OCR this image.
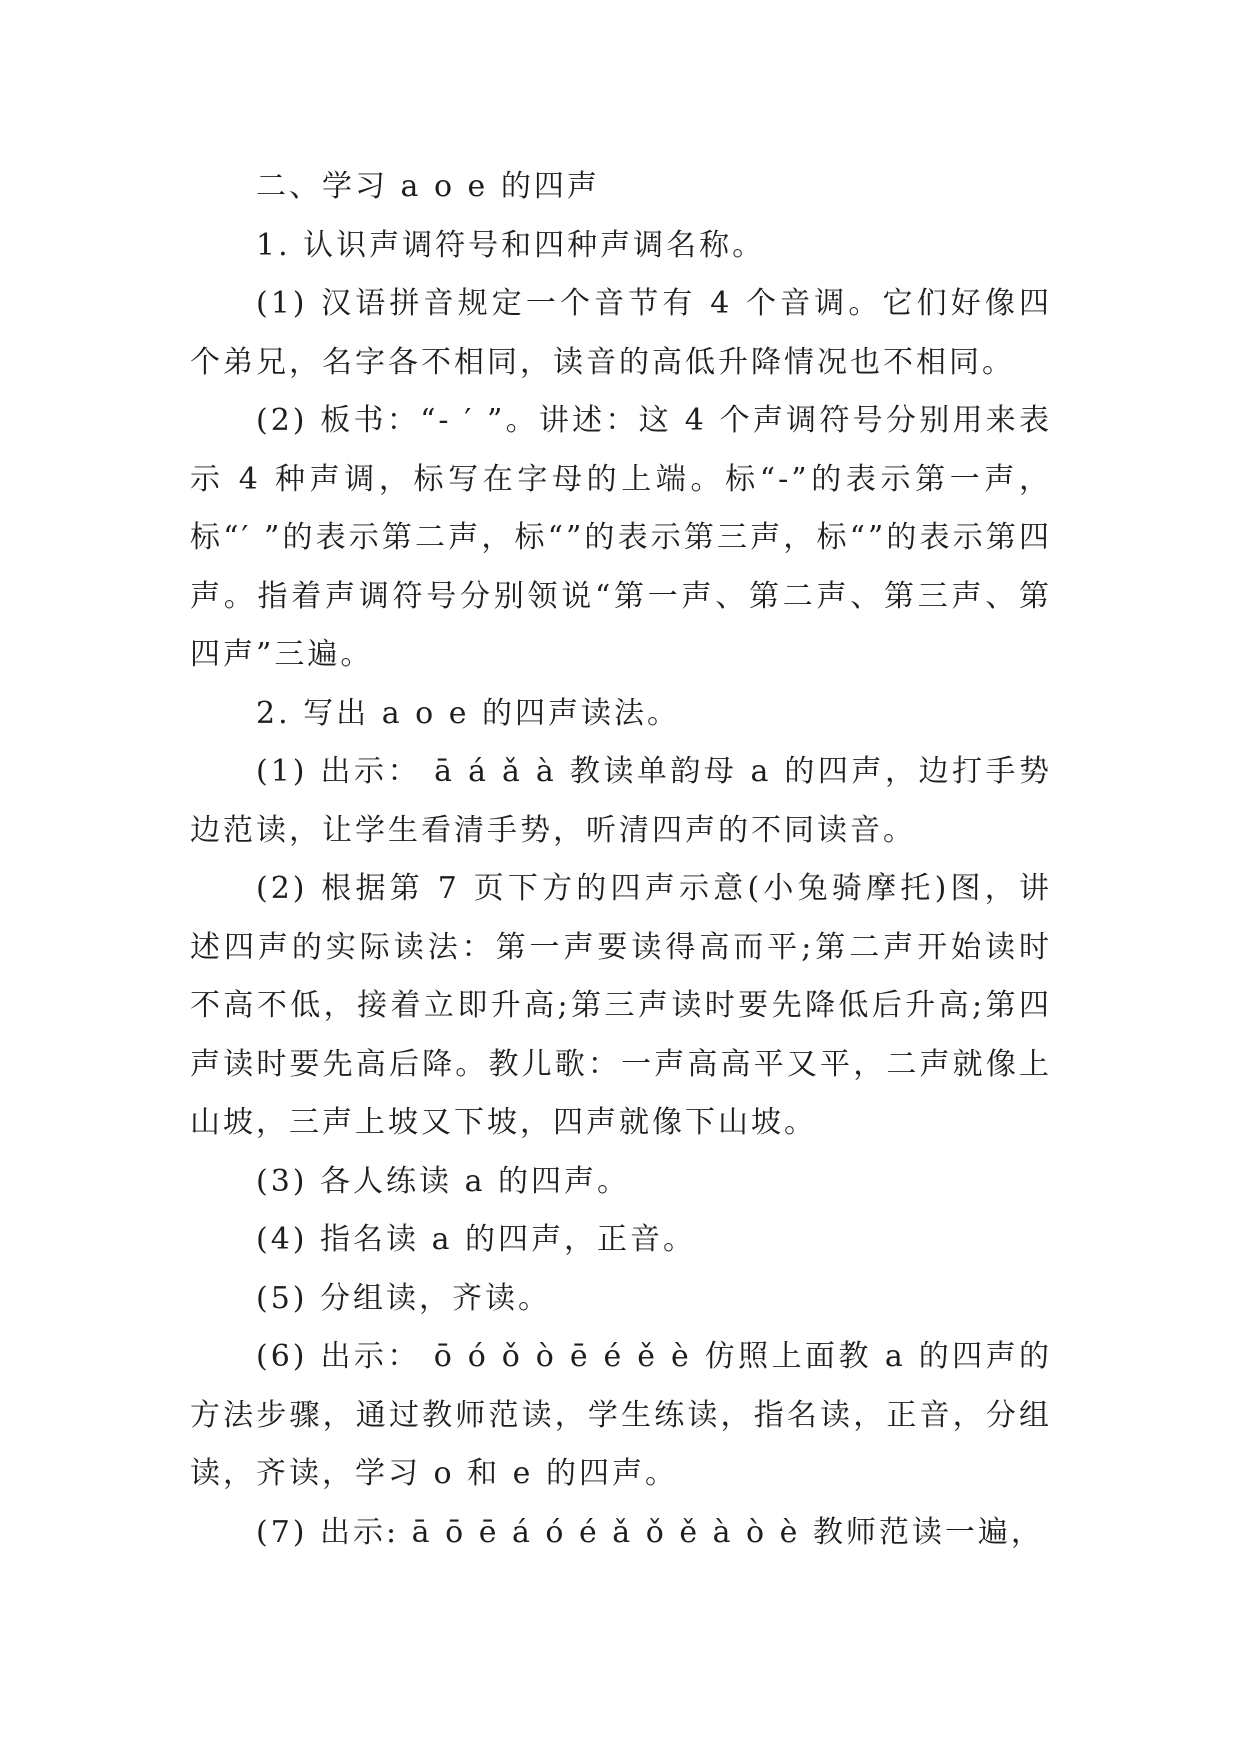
二、学习 a o e 的四声

1. 认识声调符号和四种声调名称。

(1) 汉语拼音规定一个音节有 4 个音调。它们好像四个弟兄，名字各不相同，读音的高低升降情况也不相同。

(2) 板书：“- ′ ”。讲述：这 4 个声调符号分别用来表示 4 种声调，标写在字母的上端。标“-”的表示第一声，标“′ ”的表示第二声，标“”的表示第三声，标“”的表示第四声。指着声调符号分别领说“第一声、第二声、第三声、第四声”三遍。

2. 写出 a o e 的四声读法。

(1) 出示： ā á ǎ à 教读单韵母 a 的四声，边打手势边范读，让学生看清手势，听清四声的不同读音。

(2) 根据第 7 页下方的四声示意(小兔骑摩托)图，讲述四声的实际读法：第一声要读得高而平;第二声开始读时不高不低，接着立即升高;第三声读时要先降低后升高;第四声读时要先高后降。教儿歌：一声高高平又平，二声就像上山坡，三声上坡又下坡，四声就像下山坡。

(3) 各人练读 a 的四声。

(4) 指名读 a 的四声，正音。

(5) 分组读，齐读。

(6) 出示： ō ó ǒ ò ē é ě è 仿照上面教 a 的四声的方法步骤，通过教师范读，学生练读，指名读，正音，分组读，齐读，学习 o 和 e 的四声。

(7) 出示: ā ō ē á ó é ǎ ǒ ě à ò è 教师范读一遍，
